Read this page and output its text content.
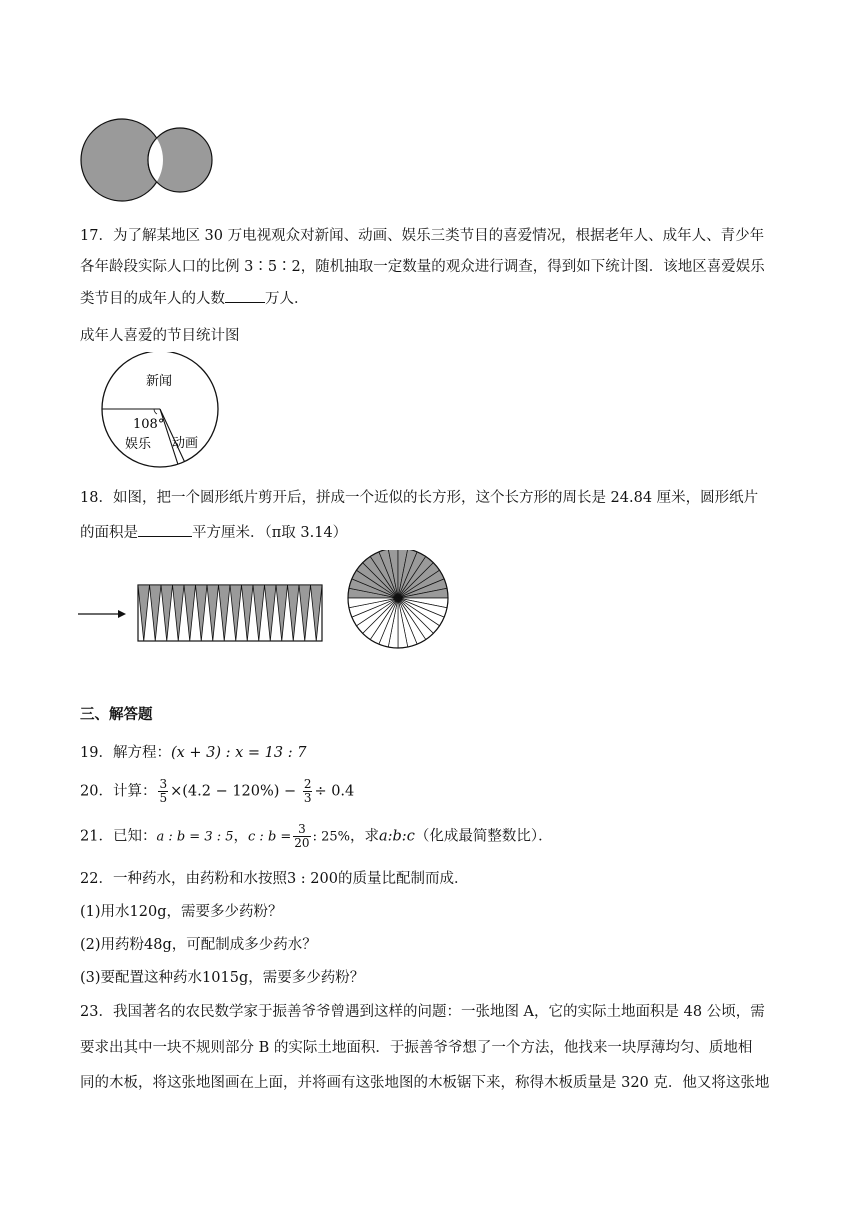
17．为了解某地区 30 万电视观众对新闻、动画、娱乐三类节目的喜爱情况，根据老年人、成年人、青少年
各年龄段实际人口的比例 3∶5∶2，随机抽取一定数量的观众进行调查，得到如下统计图．该地区喜爱娱乐
类节目的成年人的人数	万人．
成年人喜爱的节目统计图
新闻
108°
娱乐 动画
18．如图，把一个圆形纸片剪开后，拼成一个近似的长方形，这个长方形的周长是 24.84 厘米，圆形纸片
的面积是	平方厘米．（π取 3.14）
三、解答题
19．解方程：(x + 3) : x = 13 : 7
20．计算： $\frac{3}{5} \times(4.2 - 120\%) - \frac{2}{3} \div 0.4$
21．已知：a : b = 3 : 5，c : $b = \frac{3}{20}$ : 25%，求a:b:c（化成最简整数比）．
22．一种药水，由药粉和水按照3 : 200的质量比配制而成．
(1)用水120g，需要多少药粉？
(2)用药粉48g，可配制成多少药水？
(3)要配置这种药水1015g，需要多少药粉？
23．我国著名的农民数学家于振善爷爷曾遇到这样的问题：一张地图 A，它的实际土地面积是 48 公顷，需
要求出其中一块不规则部分 B 的实际土地面积．于振善爷爷想了一个方法，他找来一块厚薄均匀、质地相
同的木板，将这张地图画在上面，并将画有这张地图的木板锯下来，称得木板质量是 320 克．他又将这张地
